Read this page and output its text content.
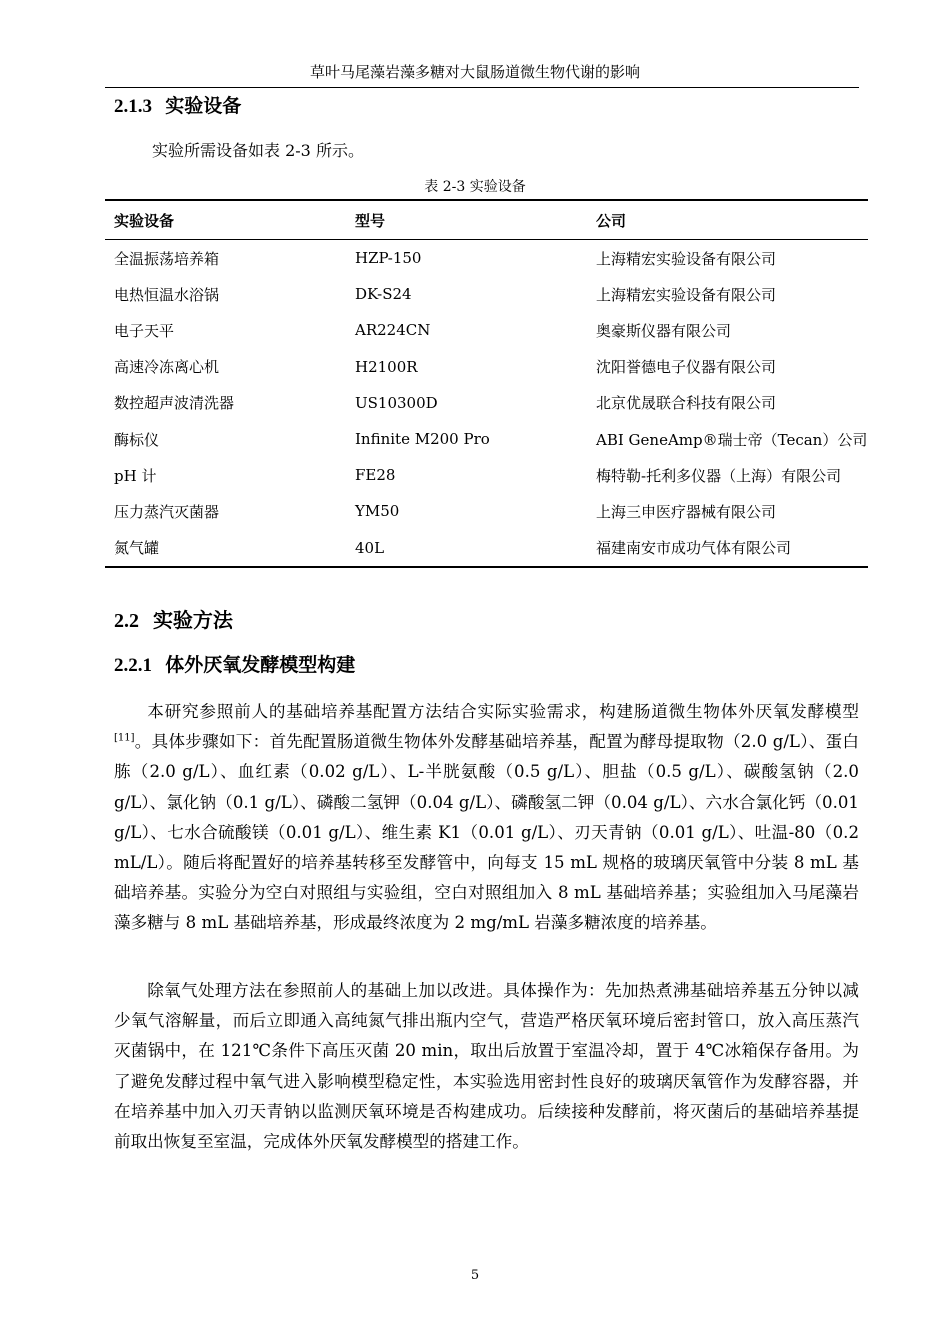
草叶马尾藻岩藻多糖对大鼠肠道微生物代谢的影响
2.1.3 实验设备
实验所需设备如表 2-3 所示。
表 2-3 实验设备
实验设备	型号	公司
全温振荡培养箱	HZP-150	上海精宏实验设备有限公司
电热恒温水浴锅	DK-S24	上海精宏实验设备有限公司
电子天平	AR224CN	奥豪斯仪器有限公司
高速冷冻离心机	H2100R	沈阳誉德电子仪器有限公司
数控超声波清洗器	US10300D	北京优晟联合科技有限公司
酶标仪	Infinite M200 Pro	ABI GeneAmp®瑞士帝（Tecan）公司
pH 计	FE28	梅特勒-托利多仪器（上海）有限公司
压力蒸汽灭菌器	YM50	上海三申医疗器械有限公司
氮气罐	40L	福建南安市成功气体有限公司
2.2 实验方法
2.2.1 体外厌氧发酵模型构建

本研究参照前人的基础培养基配置方法结合实际实验需求，构建肠道微生物体外厌氧发酵模型[11]。具体步骤如下：首先配置肠道微生物体外发酵基础培养基，配置为酵母提取物（2.0 g/L）、蛋白胨（2.0 g/L）、血红素（0.02 g/L）、L-半胱氨酸（0.5 g/L）、胆盐（0.5 g/L）、碳酸氢钠（2.0 g/L）、氯化钠（0.1 g/L）、磷酸二氢钾（0.04 g/L）、磷酸氢二钾（0.04 g/L）、六水合氯化钙（0.01 g/L）、七水合硫酸镁（0.01 g/L）、维生素 K1（0.01 g/L）、刃天青钠（0.01 g/L）、吐温-80（0.2 mL/L）。随后将配置好的培养基转移至发酵管中，向每支 15 mL 规格的玻璃厌氧管中分装 8 mL 基础培养基。实验分为空白对照组与实验组，空白对照组加入 8 mL 基础培养基；实验组加入马尾藻岩藻多糖与 8 mL 基础培养基，形成最终浓度为 2 mg/mL 岩藻多糖浓度的培养基。

除氧气处理方法在参照前人的基础上加以改进。具体操作为：先加热煮沸基础培养基五分钟以减少氧气溶解量，而后立即通入高纯氮气排出瓶内空气，营造严格厌氧环境后密封管口，放入高压蒸汽灭菌锅中，在 121℃条件下高压灭菌 20 min，取出后放置于室温冷却，置于 4℃冰箱保存备用。为了避免发酵过程中氧气进入影响模型稳定性，本实验选用密封性良好的玻璃厌氧管作为发酵容器，并在培养基中加入刃天青钠以监测厌氧环境是否构建成功。后续接种发酵前，将灭菌后的基础培养基提前取出恢复至室温，完成体外厌氧发酵模型的搭建工作。

5
